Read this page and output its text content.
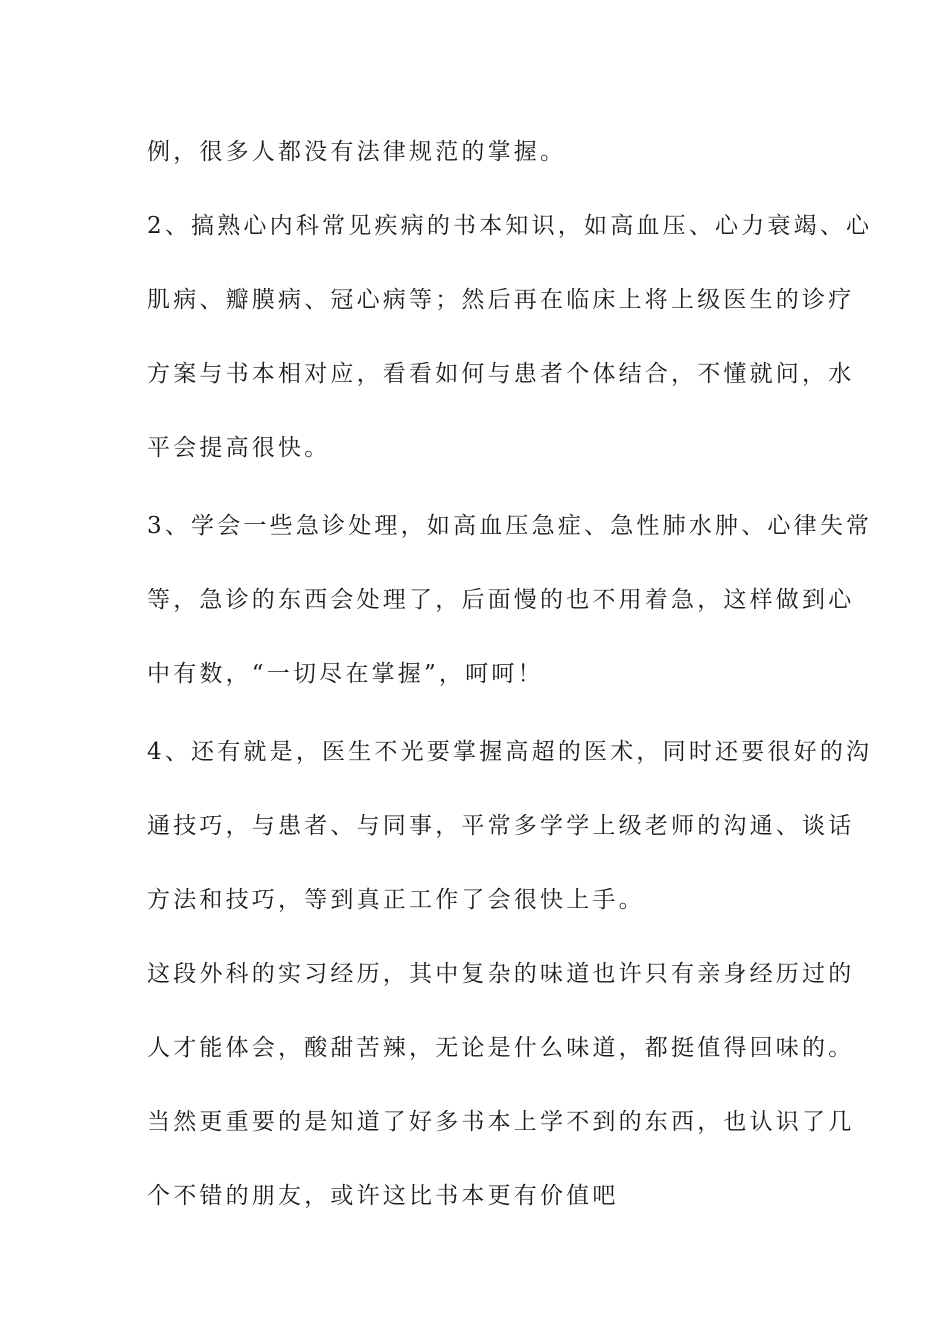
例，很多人都没有法律规范的掌握。
2、搞熟心内科常见疾病的书本知识，如高血压、心力衰竭、心
肌病、瓣膜病、冠心病等；然后再在临床上将上级医生的诊疗
方案与书本相对应，看看如何与患者个体结合，不懂就问，水
平会提高很快。
3、学会一些急诊处理，如高血压急症、急性肺水肿、心律失常
等，急诊的东西会处理了，后面慢的也不用着急，这样做到心
中有数，“一切尽在掌握”，呵呵！
4、还有就是，医生不光要掌握高超的医术，同时还要很好的沟
通技巧，与患者、与同事，平常多学学上级老师的沟通、谈话
方法和技巧，等到真正工作了会很快上手。
这段外科的实习经历，其中复杂的味道也许只有亲身经历过的
人才能体会，酸甜苦辣，无论是什么味道，都挺值得回味的。
当然更重要的是知道了好多书本上学不到的东西，也认识了几
个不错的朋友，或许这比书本更有价值吧
